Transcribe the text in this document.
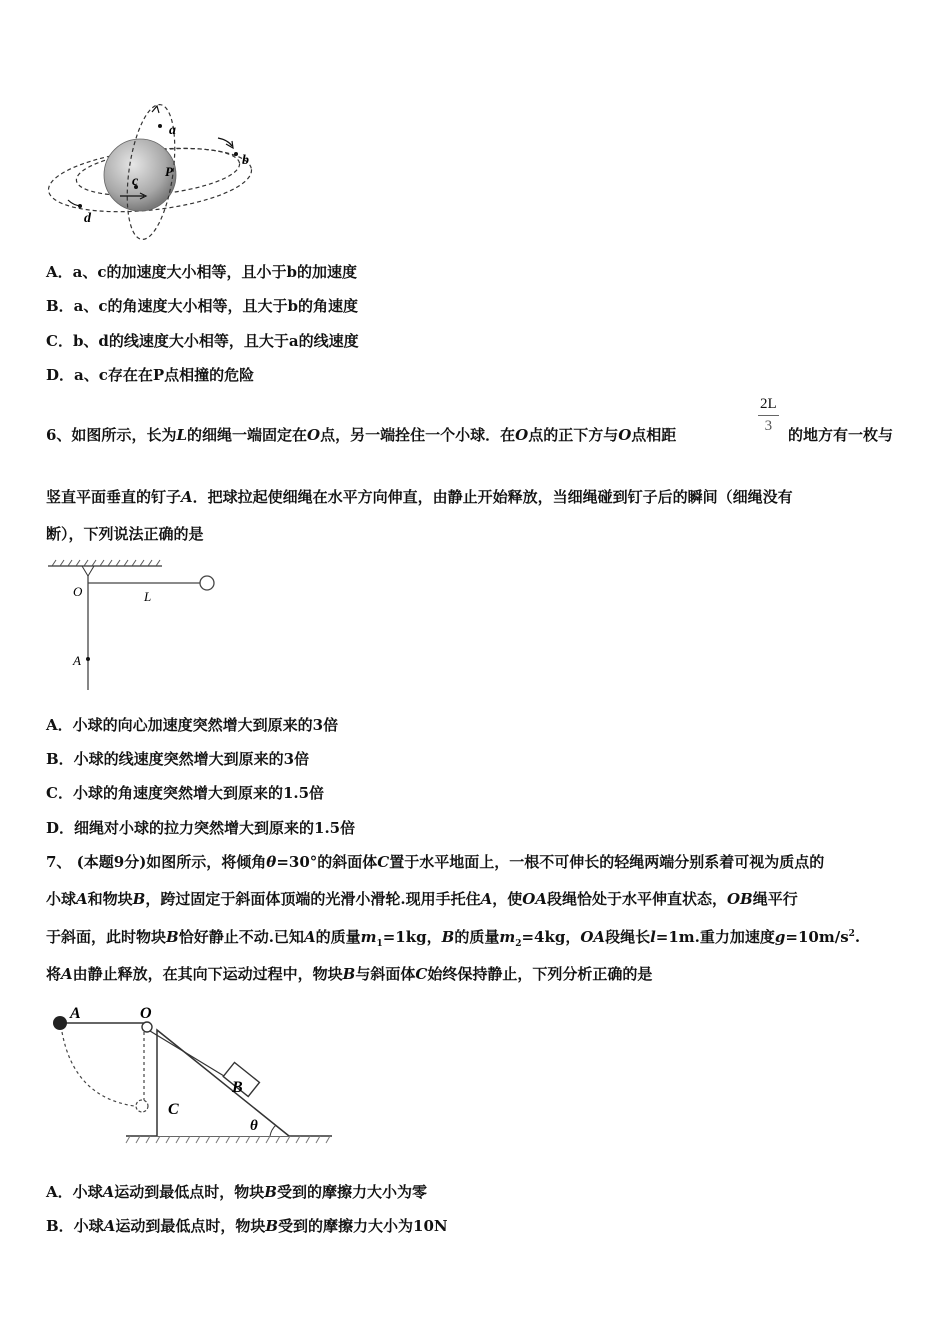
a
b
c
d
P
A．a、c的加速度大小相等，且小于b的加速度
B．a、c的角速度大小相等，且大于b的角速度
C．b、d的线速度大小相等，且大于a的线速度
D．a、c存在在P点相撞的危险
6、如图所示，长为L的细绳一端固定在O点，另一端拴住一个小球．在O点的正下方与O点相距
2L
3	的地方有一枚与
竖直平面垂直的钉子A．把球拉起使细绳在水平方向伸直，由静止开始释放，当细绳碰到钉子后的瞬间（细绳没有
断），下列说法正确的是
O	L
A
A．小球的向心加速度突然增大到原来的3倍
B．小球的线速度突然增大到原来的3倍
C．小球的角速度突然增大到原来的1.5倍
D．细绳对小球的拉力突然增大到原来的1.5倍
7、 (本题9分)如图所示，将倾角θ=30°的斜面体C置于水平地面上，一根不可伸长的轻绳两端分别系着可视为质点的
小球A和物块B，跨过固定于斜面体顶端的光滑小滑轮.现用手托住A，使OA段绳恰处于水平伸直状态，OB绳平行
于斜面，此时物块B恰好静止不动.已知A的质量$m_1=1kg$，B的质量$m_2=4kg$，OA段绳长l=1m.重力加速度$g=10m/s^2$.
将A由静止释放，在其向下运动过程中，物块B与斜面体C始终保持静止，下列分析正确的是
A	O
B
C
θ
A．小球A运动到最低点时，物块B受到的摩擦力大小为零
B．小球A运动到最低点时，物块B受到的摩擦力大小为10N
